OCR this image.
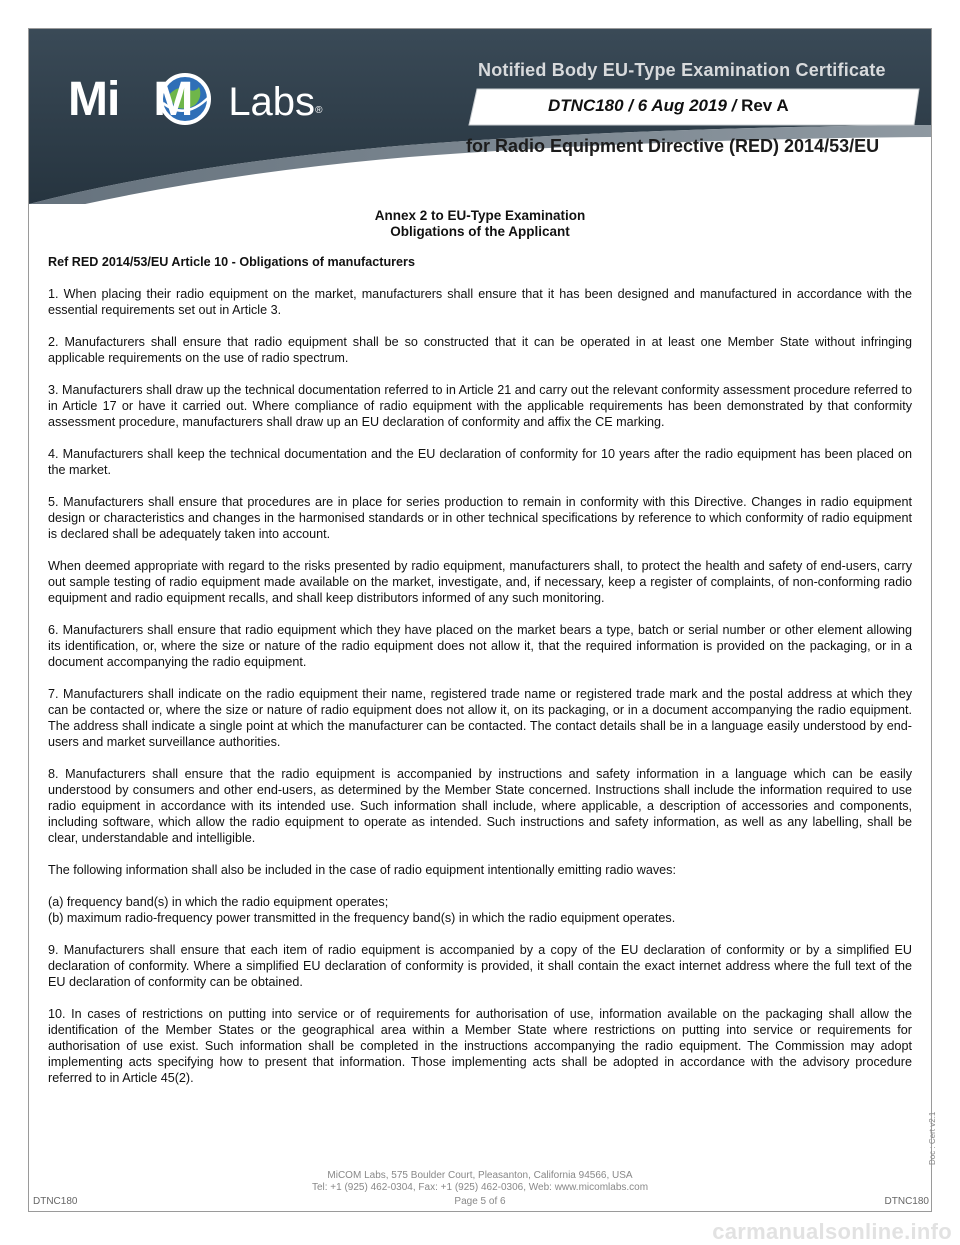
Labs®
Mi M
Notified Body EU-Type Examination Certificate
DTNC180 / 6 Aug 2019 / Rev A
for Radio Equipment Directive (RED) 2014/53/EU
Annex 2 to EU-Type Examination
Obligations of the Applicant

Ref RED 2014/53/EU Article 10 - Obligations of manufacturers

1. When placing their radio equipment on the market, manufacturers shall ensure that it has been designed and manufactured in accordance with the essential requirements set out in Article 3.

2. Manufacturers shall ensure that radio equipment shall be so constructed that it can be operated in at least one Member State without infringing applicable requirements on the use of radio spectrum.

3. Manufacturers shall draw up the technical documentation referred to in Article 21 and carry out the relevant conformity assessment procedure referred to in Article 17 or have it carried out. Where compliance of radio equipment with the applicable requirements has been demonstrated by that conformity assessment procedure, manufacturers shall draw up an EU declaration of conformity and affix the CE marking.

4. Manufacturers shall keep the technical documentation and the EU declaration of conformity for 10 years after the radio equipment has been placed on the market.

5. Manufacturers shall ensure that procedures are in place for series production to remain in conformity with this Directive. Changes in radio equipment design or characteristics and changes in the harmonised standards or in other technical specifications by reference to which conformity of radio equipment is declared shall be adequately taken into account.

When deemed appropriate with regard to the risks presented by radio equipment, manufacturers shall, to protect the health and safety of end-users, carry out sample testing of radio equipment made available on the market, investigate, and, if necessary, keep a register of complaints, of non-conforming radio equipment and radio equipment recalls, and shall keep distributors informed of any such monitoring.

6. Manufacturers shall ensure that radio equipment which they have placed on the market bears a type, batch or serial number or other element allowing its identification, or, where the size or nature of the radio equipment does not allow it, that the required information is provided on the packaging, or in a document accompanying the radio equipment.

7. Manufacturers shall indicate on the radio equipment their name, registered trade name or registered trade mark and the postal address at which they can be contacted or, where the size or nature of radio equipment does not allow it, on its packaging, or in a document accompanying the radio equipment. The address shall indicate a single point at which the manufacturer can be contacted. The contact details shall be in a language easily understood by end-users and market surveillance authorities.

8. Manufacturers shall ensure that the radio equipment is accompanied by instructions and safety information in a language which can be easily understood by consumers and other end-users, as determined by the Member State concerned. Instructions shall include the information required to use radio equipment in accordance with its intended use. Such information shall include, where applicable, a description of accessories and components, including software, which allow the radio equipment to operate as intended. Such instructions and safety information, as well as any labelling, shall be clear, understandable and intelligible.

The following information shall also be included in the case of radio equipment intentionally emitting radio waves:

(a) frequency band(s) in which the radio equipment operates;
(b) maximum radio-frequency power transmitted in the frequency band(s) in which the radio equipment operates.

9. Manufacturers shall ensure that each item of radio equipment is accompanied by a copy of the EU declaration of conformity or by a simplified EU declaration of conformity. Where a simplified EU declaration of conformity is provided, it shall contain the exact internet address where the full text of the EU declaration of conformity can be obtained.

10. In cases of restrictions on putting into service or of requirements for authorisation of use, information available on the packaging shall allow the identification of the Member States or the geographical area within a Member State where restrictions on putting into service or requirements for authorisation of use exist. Such information shall be completed in the instructions accompanying the radio equipment. The Commission may adopt implementing acts specifying how to present that information. Those implementing acts shall be adopted in accordance with the advisory procedure referred to in Article 45(2).

Doc : Cert v2.1
MiCOM Labs, 575 Boulder Court, Pleasanton, California 94566, USA
Tel: +1 (925) 462-0304, Fax: +1 (925) 462-0306, Web: www.micomlabs.com
DTNC180	Page 5 of 6	DTNC180
carmanualsonline.info
